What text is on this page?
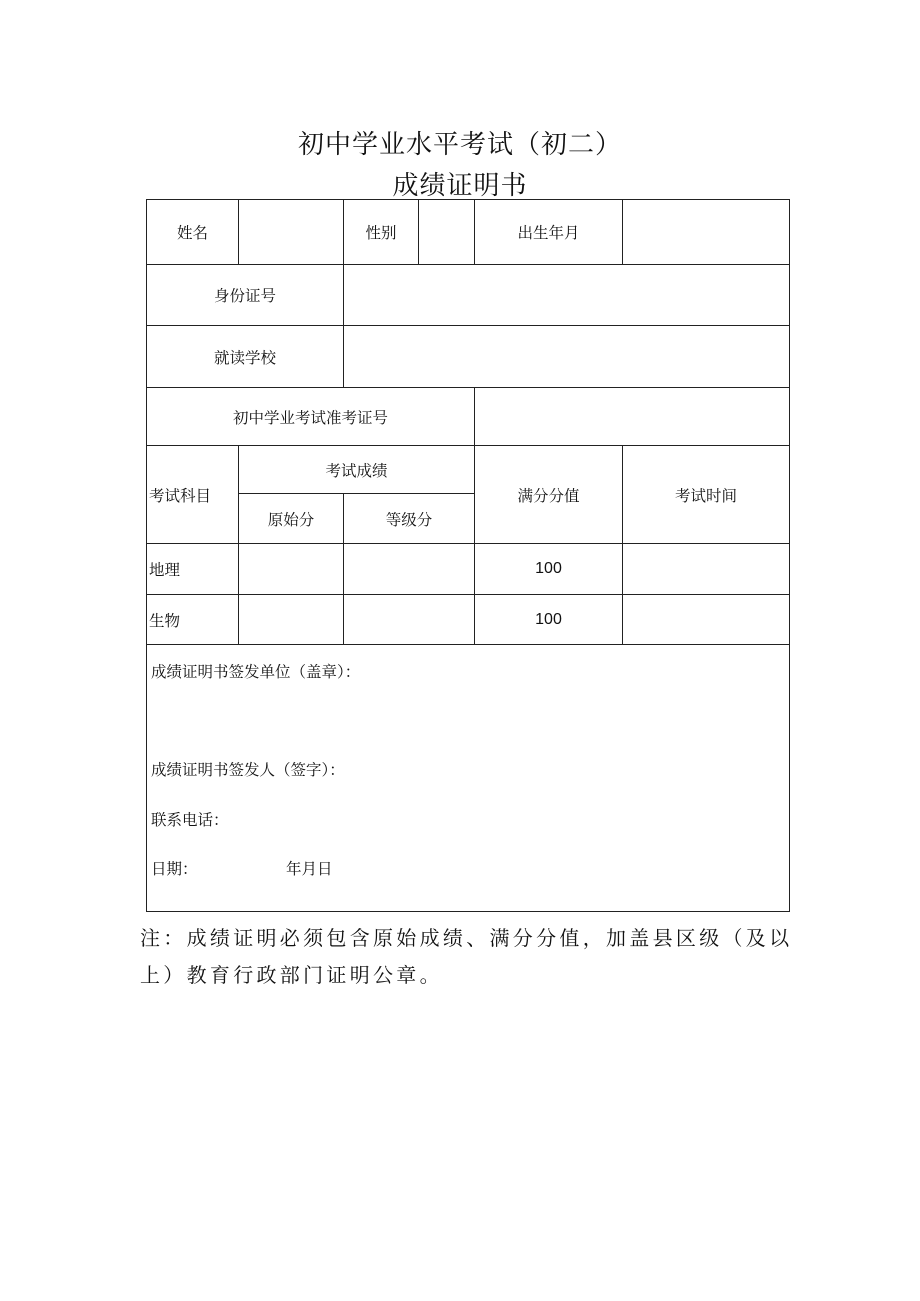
初中学业水平考试（初二）
成绩证明书
姓名		性别		出生年月	
身份证号					
就读学校					
初中学业考试准考证号					
考试科目	考试成绩			满分分值	考试时间
	原始分	等级分			
地理				100	
生物				100	

成绩证明书签发单位（盖章）：
成绩证明书签发人（签字）：
联系电话：
日期： 年月日					
注：成绩证明必须包含原始成绩、满分分值，加盖县区级（及以上）教育行政部门证明公章。
